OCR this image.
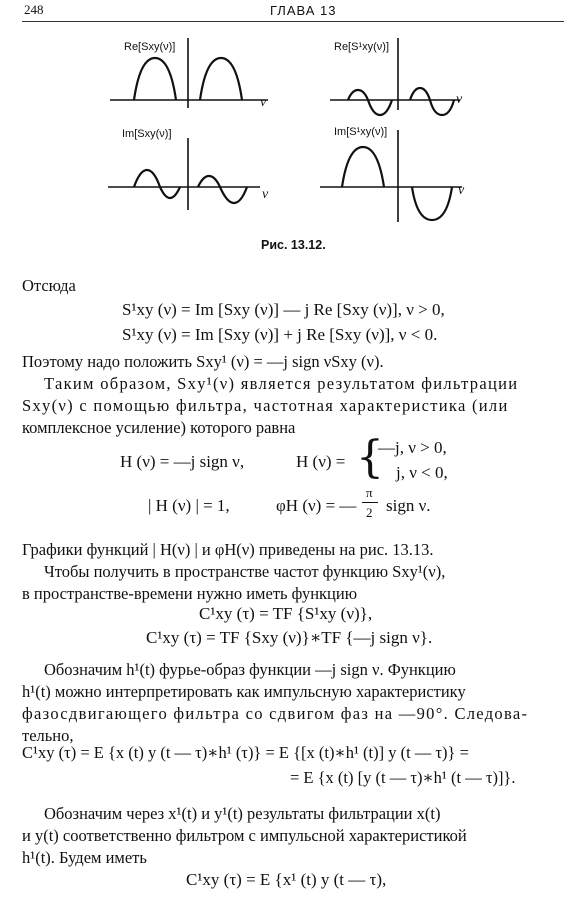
248	ГЛАВА 13
Re[Sxy(ν)]	Re[S¹xy(ν)]
Im[Sxy(ν)]	Im[S¹xy(ν)]
ν	ν
ν	ν
Рис. 13.12.
Отсюда
S¹xy (ν) = Im [Sxy (ν)] — j Re [Sxy (ν)], ν > 0,
S¹xy (ν) = Im [Sxy (ν)] + j Re [Sxy (ν)], ν < 0.
Поэтому надо положить Sxy¹ (ν) = —j sign νSxy (ν).
Таким образом, Sxy¹(ν) является результатом фильтрации
Sxy(ν) с помощью фильтра, частотная характеристика (или
комплексное усиление) которого равна
H (ν) = —j sign ν,	H (ν) = {
—j, ν > 0,
j, ν < 0,
| H (ν) | = 1,	φH (ν) = —
π
2 sign ν.
Графики функций | H(ν) | и φH(ν) приведены на рис. 13.13.
Чтобы получить в пространстве частот функцию Sxy¹(ν),
в пространстве-времени нужно иметь функцию
C¹xy (τ) = TF {S¹xy (ν)},
C¹xy (τ) = TF {Sxy (ν)}∗TF {—j sign ν}.
Обозначим h¹(t) фурье-образ функции —j sign ν. Функцию
h¹(t) можно интерпретировать как импульсную характеристику
фазосдвигающего фильтра со сдвигом фаз на —90°. Следова-
тельно,
C¹xy (τ) = E {x (t) y (t — τ)∗h¹ (τ)} = E {[x (t)∗h¹ (t)] y (t — τ)} =
= E {x (t) [y (t — τ)∗h¹ (t — τ)]}.
Обозначим через x¹(t) и y¹(t) результаты фильтрации x(t)
и y(t) соответственно фильтром с импульсной характеристикой
h¹(t). Будем иметь
C¹xy (τ) = E {x¹ (t) y (t — τ),
